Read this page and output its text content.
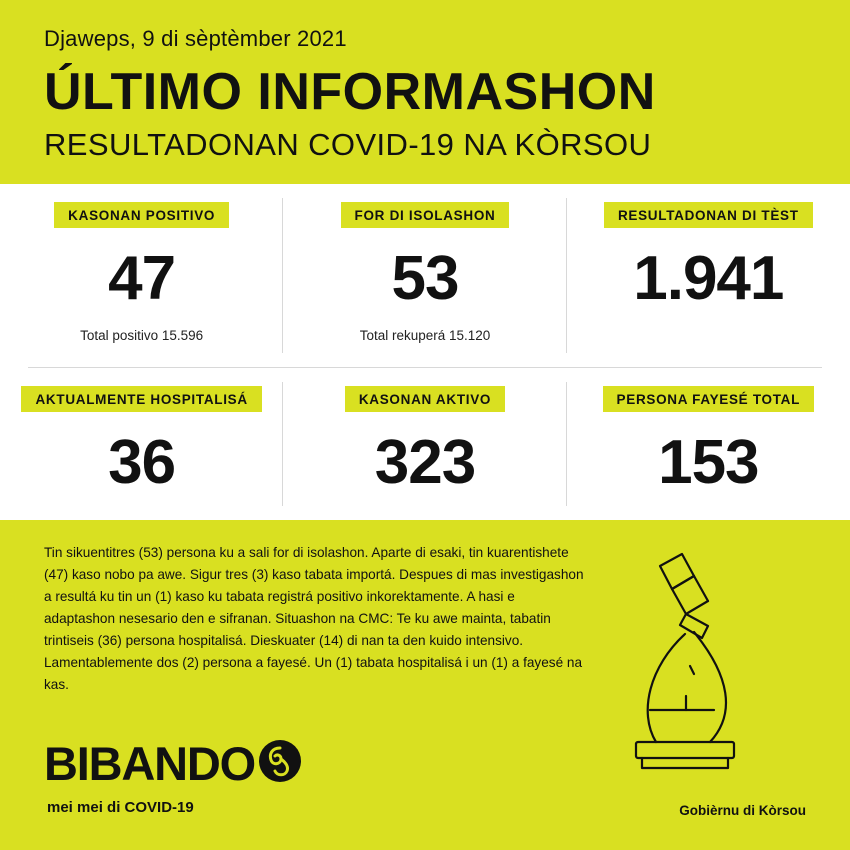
Djaweps, 9 di sèptèmber 2021
ÚLTIMO INFORMASHON
RESULTADONAN COVID-19 NA KÒRSOU
KASONAN POSITIVO
47
Total positivo 15.596
FOR DI ISOLASHON
53
Total rekuperá 15.120
RESULTADONAN DI TÈST
1.941
AKTUALMENTE HOSPITALISÁ
36
KASONAN AKTIVO
323
PERSONA FAYESÉ TOTAL
153
Tin sikuentitres (53) persona ku a sali for di isolashon. Aparte di esaki, tin kuarentishete (47) kaso nobo pa awe. Sigur tres (3) kaso tabata importá. Despues di mas investigashon a resultá ku tin un (1) kaso ku tabata registrá positivo inkorektamente. A hasi e adaptashon nesesario den e sifranan. Situashon na CMC: Te ku awe mainta, tabatin trintiseis (36) persona hospitalisá. Dieskuater (14) di nan ta den kuido intensivo. Lamentablemente dos (2) persona a fayesé. Un (1) tabata hospitalisá i un (1) a fayesé na kas.
BIBANDO
mei mei di COVID-19	Gobièrnu di Kòrsou
